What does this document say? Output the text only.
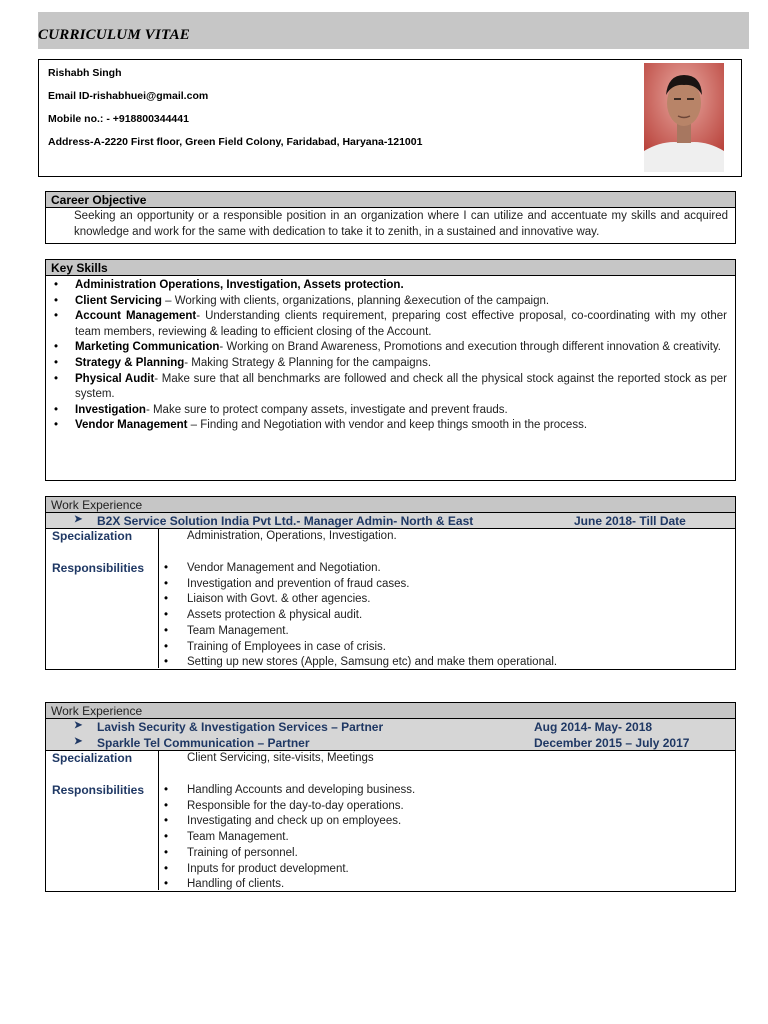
CURRICULUM VITAE
Rishabh Singh
Email ID-rishabhuei@gmail.com
Mobile no.: - +918800344441
Address-A-2220 First floor, Green Field Colony, Faridabad, Haryana-121001
Career Objective
Seeking an opportunity or a responsible position in an organization where I can utilize and accentuate my skills and acquired knowledge and work for the same with dedication to take it to zenith, in a sustained and innovative way.
Key Skills
• Administration Operations, Investigation, Assets protection.
• Client Servicing – Working with clients, organizations, planning &execution of the campaign.
• Account Management- Understanding clients requirement, preparing cost effective proposal, co-coordinating with my other team members, reviewing & leading to efficient closing of the Account.
• Marketing Communication- Working on Brand Awareness, Promotions and execution through different innovation & creativity.
• Strategy & Planning- Making Strategy & Planning for the campaigns.
• Physical Audit- Make sure that all benchmarks are followed and check all the physical stock against the reported stock as per system.
• Investigation- Make sure to protect company assets, investigate and prevent frauds.
• Vendor Management – Finding and Negotiation with vendor and keep things smooth in the process.
Work Experience
➤ B2X Service Solution India Pvt Ltd.- Manager Admin- North & East	June 2018- Till Date
Specialization	Administration, Operations, Investigation.
Responsibilities	• Vendor Management and Negotiation.
• Investigation and prevention of fraud cases.
• Liaison with Govt. & other agencies.
• Assets protection & physical audit.
• Team Management.
• Training of Employees in case of crisis.
• Setting up new stores (Apple, Samsung etc) and make them operational.
Work Experience
➤ Lavish Security & Investigation Services – Partner	Aug 2014- May- 2018
➤ Sparkle Tel Communication – Partner	December 2015 – July 2017
Specialization	Client Servicing, site-visits, Meetings
Responsibilities	• Handling Accounts and developing business.
• Responsible for the day-to-day operations.
• Investigating and check up on employees.
• Team Management.
• Training of personnel.
• Inputs for product development.
• Handling of clients.
